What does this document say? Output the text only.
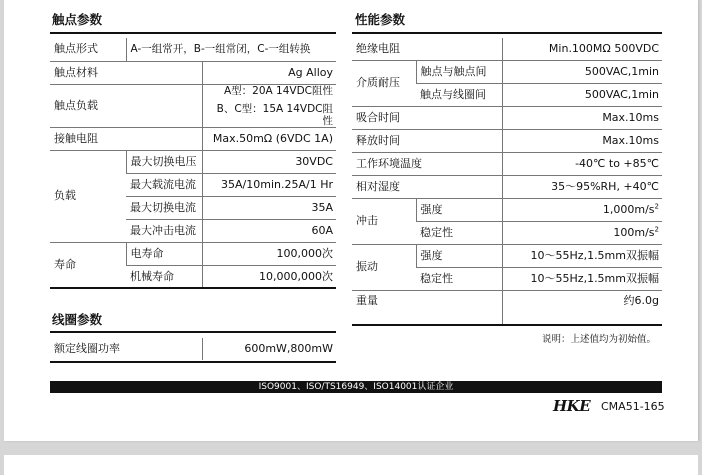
触点参数
触点形式	A-一组常开，B-一组常闭，C-一组转换	
触点材料		Ag Alloy
触点负载		A型：20A 14VDC阻性
B、C型：15A 14VDC阻性

接触电阻		Max.50mΩ (6VDC 1A)
负载	最大切换电压	30VDC
	最大载流电流	35A/10min.25A/1 Hr
	最大切换电流	35A
	最大冲击电流	60A
寿命	电寿命	100,000次
	机械寿命	10,000,000次
线圈参数
额定线圈功率	600mW,800mW
性能参数
绝缘电阻		Min.100MΩ 500VDC
介质耐压	触点与触点间	500VAC,1min
	触点与线圈间	500VAC,1min
吸合时间		Max.10ms
释放时间		Max.10ms
工作环境温度		-40℃ to +85℃
相对湿度		35～95%RH, +40℃
冲击	强度	$1,000m/s^2$
	稳定性	$100m/s^2$
振动	强度	10～55Hz,1.5mm双振幅
	稳定性	10～55Hz,1.5mm双振幅
重量		约6.0g
说明：上述值均为初始值。
ISO9001、ISO/TS16949、ISO14001认证企业
HKE CMA51-165
